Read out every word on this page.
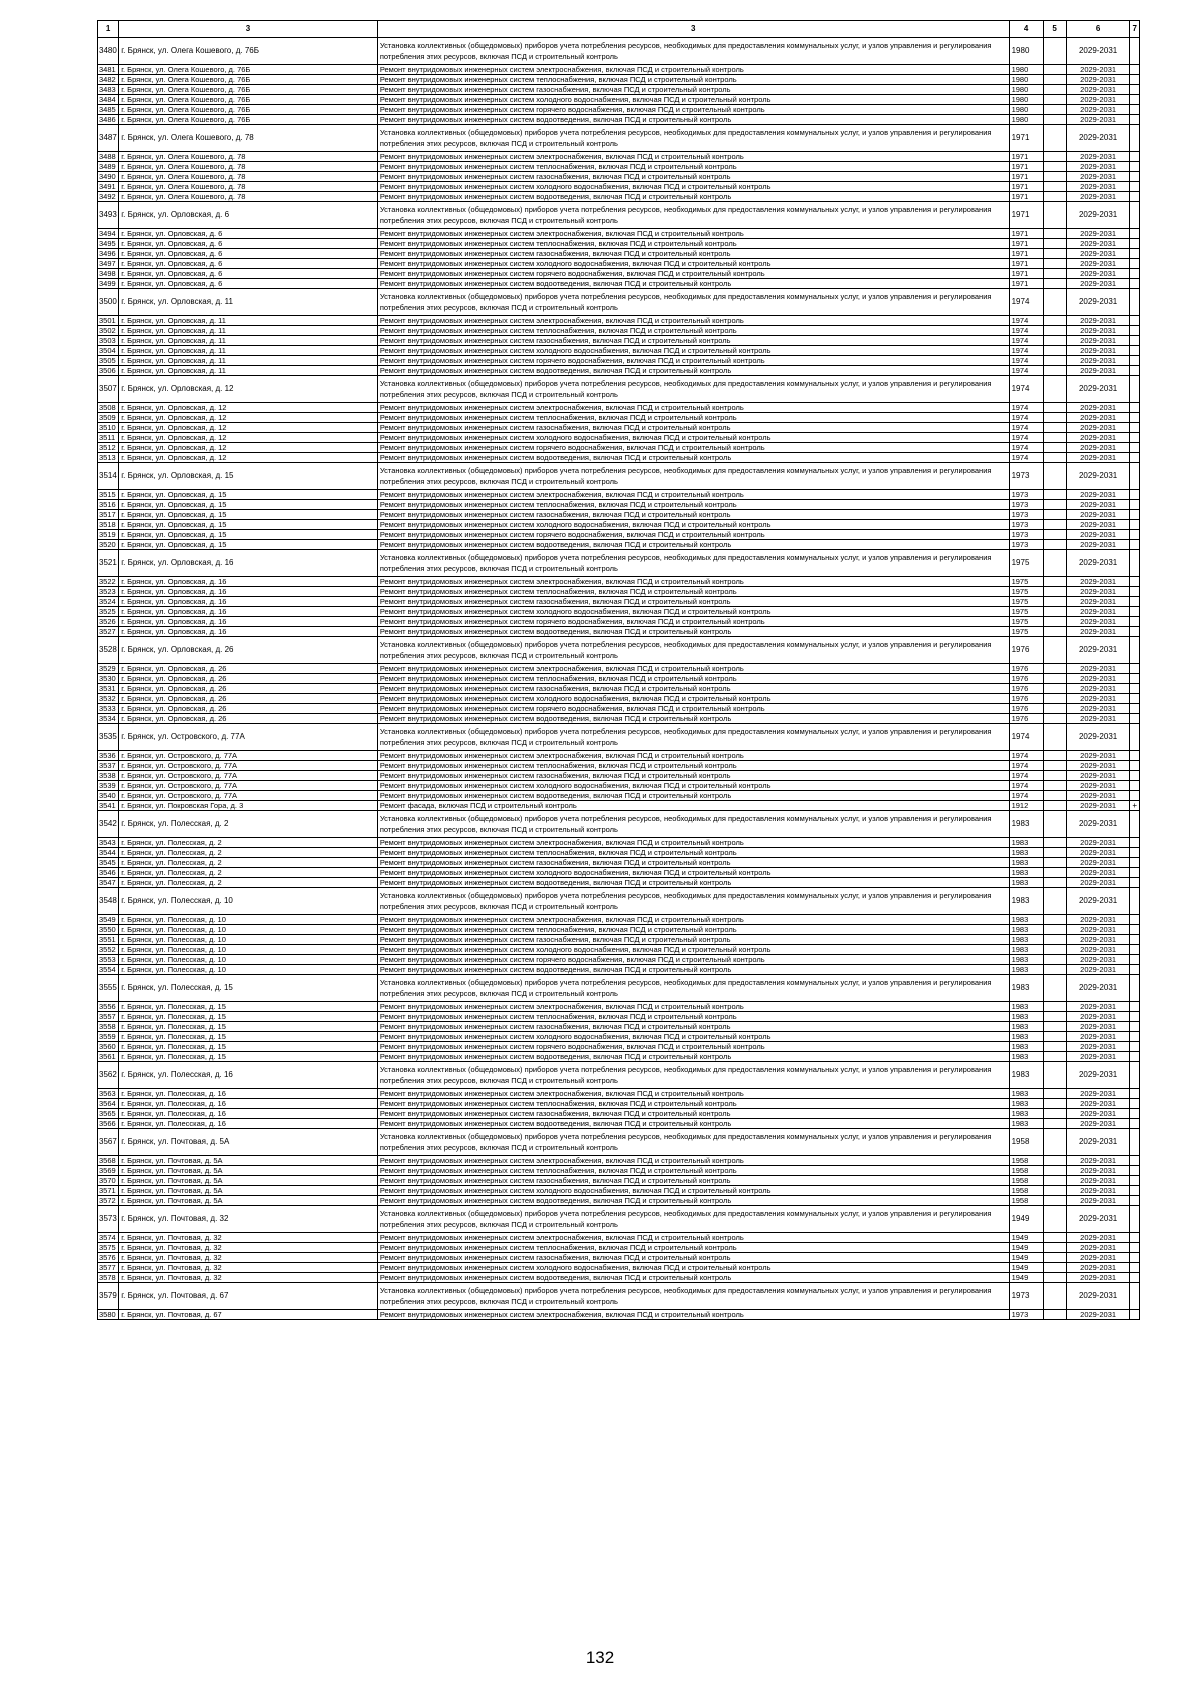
1	3	3	4	5	6	7
3480	г. Брянск, ул. Олега Кошевого, д. 76Б	Установка коллективных (общедомовых) приборов учета потребления ресурсов, необходимых для предоставления коммунальных услуг, и узлов управления и регулирования потребления этих ресурсов, включая ПСД и строительный контроль	1980		2029-2031	
3481	г. Брянск, ул. Олега Кошевого, д. 76Б	Ремонт внутридомовых инженерных систем электроснабжения, включая ПСД и строительный контроль	1980		2029-2031	
3482	г. Брянск, ул. Олега Кошевого, д. 76Б	Ремонт внутридомовых инженерных систем теплоснабжения, включая ПСД и строительный контроль	1980		2029-2031	
3483	г. Брянск, ул. Олега Кошевого, д. 76Б	Ремонт внутридомовых инженерных систем газоснабжения, включая ПСД и строительный контроль	1980		2029-2031	
3484	г. Брянск, ул. Олега Кошевого, д. 76Б	Ремонт внутридомовых инженерных систем холодного водоснабжения, включая ПСД и строительный контроль	1980		2029-2031	
3485	г. Брянск, ул. Олега Кошевого, д. 76Б	Ремонт внутридомовых инженерных систем горячего водоснабжения, включая ПСД и строительный контроль	1980		2029-2031	
3486	г. Брянск, ул. Олега Кошевого, д. 76Б	Ремонт внутридомовых инженерных систем водоотведения, включая ПСД и строительный контроль	1980		2029-2031	
3487	г. Брянск, ул. Олега Кошевого, д. 78	Установка коллективных (общедомовых) приборов учета потребления ресурсов, необходимых для предоставления коммунальных услуг, и узлов управления и регулирования потребления этих ресурсов, включая ПСД и строительный контроль	1971		2029-2031	
3488	г. Брянск, ул. Олега Кошевого, д. 78	Ремонт внутридомовых инженерных систем электроснабжения, включая ПСД и строительный контроль	1971		2029-2031	
3489	г. Брянск, ул. Олега Кошевого, д. 78	Ремонт внутридомовых инженерных систем теплоснабжения, включая ПСД и строительный контроль	1971		2029-2031	
3490	г. Брянск, ул. Олега Кошевого, д. 78	Ремонт внутридомовых инженерных систем газоснабжения, включая ПСД и строительный контроль	1971		2029-2031	
3491	г. Брянск, ул. Олега Кошевого, д. 78	Ремонт внутридомовых инженерных систем холодного водоснабжения, включая ПСД и строительный контроль	1971		2029-2031	
3492	г. Брянск, ул. Олега Кошевого, д. 78	Ремонт внутридомовых инженерных систем водоотведения, включая ПСД и строительный контроль	1971		2029-2031	
3493	г. Брянск, ул. Орловская, д. 6	Установка коллективных (общедомовых) приборов учета потребления ресурсов, необходимых для предоставления коммунальных услуг, и узлов управления и регулирования потребления этих ресурсов, включая ПСД и строительный контроль	1971		2029-2031	
3494	г. Брянск, ул. Орловская, д. 6	Ремонт внутридомовых инженерных систем электроснабжения, включая ПСД и строительный контроль	1971		2029-2031	
3495	г. Брянск, ул. Орловская, д. 6	Ремонт внутридомовых инженерных систем теплоснабжения, включая ПСД и строительный контроль	1971		2029-2031	
3496	г. Брянск, ул. Орловская, д. 6	Ремонт внутридомовых инженерных систем газоснабжения, включая ПСД и строительный контроль	1971		2029-2031	
3497	г. Брянск, ул. Орловская, д. 6	Ремонт внутридомовых инженерных систем холодного водоснабжения, включая ПСД и строительный контроль	1971		2029-2031	
3498	г. Брянск, ул. Орловская, д. 6	Ремонт внутридомовых инженерных систем горячего водоснабжения, включая ПСД и строительный контроль	1971		2029-2031	
3499	г. Брянск, ул. Орловская, д. 6	Ремонт внутридомовых инженерных систем водоотведения, включая ПСД и строительный контроль	1971		2029-2031	
3500	г. Брянск, ул. Орловская, д. 11	Установка коллективных (общедомовых) приборов учета потребления ресурсов, необходимых для предоставления коммунальных услуг, и узлов управления и регулирования потребления этих ресурсов, включая ПСД и строительный контроль	1974		2029-2031	
3501	г. Брянск, ул. Орловская, д. 11	Ремонт внутридомовых инженерных систем электроснабжения, включая ПСД и строительный контроль	1974		2029-2031	
3502	г. Брянск, ул. Орловская, д. 11	Ремонт внутридомовых инженерных систем теплоснабжения, включая ПСД и строительный контроль	1974		2029-2031	
3503	г. Брянск, ул. Орловская, д. 11	Ремонт внутридомовых инженерных систем газоснабжения, включая ПСД и строительный контроль	1974		2029-2031	
3504	г. Брянск, ул. Орловская, д. 11	Ремонт внутридомовых инженерных систем холодного водоснабжения, включая ПСД и строительный контроль	1974		2029-2031	
3505	г. Брянск, ул. Орловская, д. 11	Ремонт внутридомовых инженерных систем горячего водоснабжения, включая ПСД и строительный контроль	1974		2029-2031	
3506	г. Брянск, ул. Орловская, д. 11	Ремонт внутридомовых инженерных систем водоотведения, включая ПСД и строительный контроль	1974		2029-2031	
3507	г. Брянск, ул. Орловская, д. 12	Установка коллективных (общедомовых) приборов учета потребления ресурсов, необходимых для предоставления коммунальных услуг, и узлов управления и регулирования потребления этих ресурсов, включая ПСД и строительный контроль	1974		2029-2031	
3508	г. Брянск, ул. Орловская, д. 12	Ремонт внутридомовых инженерных систем электроснабжения, включая ПСД и строительный контроль	1974		2029-2031	
3509	г. Брянск, ул. Орловская, д. 12	Ремонт внутридомовых инженерных систем теплоснабжения, включая ПСД и строительный контроль	1974		2029-2031	
3510	г. Брянск, ул. Орловская, д. 12	Ремонт внутридомовых инженерных систем газоснабжения, включая ПСД и строительный контроль	1974		2029-2031	
3511	г. Брянск, ул. Орловская, д. 12	Ремонт внутридомовых инженерных систем холодного водоснабжения, включая ПСД и строительный контроль	1974		2029-2031	
3512	г. Брянск, ул. Орловская, д. 12	Ремонт внутридомовых инженерных систем горячего водоснабжения, включая ПСД и строительный контроль	1974		2029-2031	
3513	г. Брянск, ул. Орловская, д. 12	Ремонт внутридомовых инженерных систем водоотведения, включая ПСД и строительный контроль	1974		2029-2031	
3514	г. Брянск, ул. Орловская, д. 15	Установка коллективных (общедомовых) приборов учета потребления ресурсов, необходимых для предоставления коммунальных услуг, и узлов управления и регулирования потребления этих ресурсов, включая ПСД и строительный контроль	1973		2029-2031	
3515	г. Брянск, ул. Орловская, д. 15	Ремонт внутридомовых инженерных систем электроснабжения, включая ПСД и строительный контроль	1973		2029-2031	
3516	г. Брянск, ул. Орловская, д. 15	Ремонт внутридомовых инженерных систем теплоснабжения, включая ПСД и строительный контроль	1973		2029-2031	
3517	г. Брянск, ул. Орловская, д. 15	Ремонт внутридомовых инженерных систем газоснабжения, включая ПСД и строительный контроль	1973		2029-2031	
3518	г. Брянск, ул. Орловская, д. 15	Ремонт внутридомовых инженерных систем холодного водоснабжения, включая ПСД и строительный контроль	1973		2029-2031	
3519	г. Брянск, ул. Орловская, д. 15	Ремонт внутридомовых инженерных систем горячего водоснабжения, включая ПСД и строительный контроль	1973		2029-2031	
3520	г. Брянск, ул. Орловская, д. 15	Ремонт внутридомовых инженерных систем водоотведения, включая ПСД и строительный контроль	1973		2029-2031	
3521	г. Брянск, ул. Орловская, д. 16	Установка коллективных (общедомовых) приборов учета потребления ресурсов, необходимых для предоставления коммунальных услуг, и узлов управления и регулирования потребления этих ресурсов, включая ПСД и строительный контроль	1975		2029-2031	
3522	г. Брянск, ул. Орловская, д. 16	Ремонт внутридомовых инженерных систем электроснабжения, включая ПСД и строительный контроль	1975		2029-2031	
3523	г. Брянск, ул. Орловская, д. 16	Ремонт внутридомовых инженерных систем теплоснабжения, включая ПСД и строительный контроль	1975		2029-2031	
3524	г. Брянск, ул. Орловская, д. 16	Ремонт внутридомовых инженерных систем газоснабжения, включая ПСД и строительный контроль	1975		2029-2031	
3525	г. Брянск, ул. Орловская, д. 16	Ремонт внутридомовых инженерных систем холодного водоснабжения, включая ПСД и строительный контроль	1975		2029-2031	
3526	г. Брянск, ул. Орловская, д. 16	Ремонт внутридомовых инженерных систем горячего водоснабжения, включая ПСД и строительный контроль	1975		2029-2031	
3527	г. Брянск, ул. Орловская, д. 16	Ремонт внутридомовых инженерных систем водоотведения, включая ПСД и строительный контроль	1975		2029-2031	
3528	г. Брянск, ул. Орловская, д. 26	Установка коллективных (общедомовых) приборов учета потребления ресурсов, необходимых для предоставления коммунальных услуг, и узлов управления и регулирования потребления этих ресурсов, включая ПСД и строительный контроль	1976		2029-2031	
3529	г. Брянск, ул. Орловская, д. 26	Ремонт внутридомовых инженерных систем электроснабжения, включая ПСД и строительный контроль	1976		2029-2031	
3530	г. Брянск, ул. Орловская, д. 26	Ремонт внутридомовых инженерных систем теплоснабжения, включая ПСД и строительный контроль	1976		2029-2031	
3531	г. Брянск, ул. Орловская, д. 26	Ремонт внутридомовых инженерных систем газоснабжения, включая ПСД и строительный контроль	1976		2029-2031	
3532	г. Брянск, ул. Орловская, д. 26	Ремонт внутридомовых инженерных систем холодного водоснабжения, включая ПСД и строительный контроль	1976		2029-2031	
3533	г. Брянск, ул. Орловская, д. 26	Ремонт внутридомовых инженерных систем горячего водоснабжения, включая ПСД и строительный контроль	1976		2029-2031	
3534	г. Брянск, ул. Орловская, д. 26	Ремонт внутридомовых инженерных систем водоотведения, включая ПСД и строительный контроль	1976		2029-2031	
3535	г. Брянск, ул. Островского, д. 77А	Установка коллективных (общедомовых) приборов учета потребления ресурсов, необходимых для предоставления коммунальных услуг, и узлов управления и регулирования потребления этих ресурсов, включая ПСД и строительный контроль	1974		2029-2031	
3536	г. Брянск, ул. Островского, д. 77А	Ремонт внутридомовых инженерных систем электроснабжения, включая ПСД и строительный контроль	1974		2029-2031	
3537	г. Брянск, ул. Островского, д. 77А	Ремонт внутридомовых инженерных систем теплоснабжения, включая ПСД и строительный контроль	1974		2029-2031	
3538	г. Брянск, ул. Островского, д. 77А	Ремонт внутридомовых инженерных систем газоснабжения, включая ПСД и строительный контроль	1974		2029-2031	
3539	г. Брянск, ул. Островского, д. 77А	Ремонт внутридомовых инженерных систем холодного водоснабжения, включая ПСД и строительный контроль	1974		2029-2031	
3540	г. Брянск, ул. Островского, д. 77А	Ремонт внутридомовых инженерных систем водоотведения, включая ПСД и строительный контроль	1974		2029-2031	
3541	г. Брянск, ул. Покровская Гора, д. 3	Ремонт фасада, включая ПСД и строительный контроль	1912		2029-2031	+
3542	г. Брянск, ул. Полесская, д. 2	Установка коллективных (общедомовых) приборов учета потребления ресурсов, необходимых для предоставления коммунальных услуг, и узлов управления и регулирования потребления этих ресурсов, включая ПСД и строительный контроль	1983		2029-2031	
3543	г. Брянск, ул. Полесская, д. 2	Ремонт внутридомовых инженерных систем электроснабжения, включая ПСД и строительный контроль	1983		2029-2031	
3544	г. Брянск, ул. Полесская, д. 2	Ремонт внутридомовых инженерных систем теплоснабжения, включая ПСД и строительный контроль	1983		2029-2031	
3545	г. Брянск, ул. Полесская, д. 2	Ремонт внутридомовых инженерных систем газоснабжения, включая ПСД и строительный контроль	1983		2029-2031	
3546	г. Брянск, ул. Полесская, д. 2	Ремонт внутридомовых инженерных систем холодного водоснабжения, включая ПСД и строительный контроль	1983		2029-2031	
3547	г. Брянск, ул. Полесская, д. 2	Ремонт внутридомовых инженерных систем водоотведения, включая ПСД и строительный контроль	1983		2029-2031	
3548	г. Брянск, ул. Полесская, д. 10	Установка коллективных (общедомовых) приборов учета потребления ресурсов, необходимых для предоставления коммунальных услуг, и узлов управления и регулирования потребления этих ресурсов, включая ПСД и строительный контроль	1983		2029-2031	
3549	г. Брянск, ул. Полесская, д. 10	Ремонт внутридомовых инженерных систем электроснабжения, включая ПСД и строительный контроль	1983		2029-2031	
3550	г. Брянск, ул. Полесская, д. 10	Ремонт внутридомовых инженерных систем теплоснабжения, включая ПСД и строительный контроль	1983		2029-2031	
3551	г. Брянск, ул. Полесская, д. 10	Ремонт внутридомовых инженерных систем газоснабжения, включая ПСД и строительный контроль	1983		2029-2031	
3552	г. Брянск, ул. Полесская, д. 10	Ремонт внутридомовых инженерных систем холодного водоснабжения, включая ПСД и строительный контроль	1983		2029-2031	
3553	г. Брянск, ул. Полесская, д. 10	Ремонт внутридомовых инженерных систем горячего водоснабжения, включая ПСД и строительный контроль	1983		2029-2031	
3554	г. Брянск, ул. Полесская, д. 10	Ремонт внутридомовых инженерных систем водоотведения, включая ПСД и строительный контроль	1983		2029-2031	
3555	г. Брянск, ул. Полесская, д. 15	Установка коллективных (общедомовых) приборов учета потребления ресурсов, необходимых для предоставления коммунальных услуг, и узлов управления и регулирования потребления этих ресурсов, включая ПСД и строительный контроль	1983		2029-2031	
3556	г. Брянск, ул. Полесская, д. 15	Ремонт внутридомовых инженерных систем электроснабжения, включая ПСД и строительный контроль	1983		2029-2031	
3557	г. Брянск, ул. Полесская, д. 15	Ремонт внутридомовых инженерных систем теплоснабжения, включая ПСД и строительный контроль	1983		2029-2031	
3558	г. Брянск, ул. Полесская, д. 15	Ремонт внутридомовых инженерных систем газоснабжения, включая ПСД и строительный контроль	1983		2029-2031	
3559	г. Брянск, ул. Полесская, д. 15	Ремонт внутридомовых инженерных систем холодного водоснабжения, включая ПСД и строительный контроль	1983		2029-2031	
3560	г. Брянск, ул. Полесская, д. 15	Ремонт внутридомовых инженерных систем горячего водоснабжения, включая ПСД и строительный контроль	1983		2029-2031	
3561	г. Брянск, ул. Полесская, д. 15	Ремонт внутридомовых инженерных систем водоотведения, включая ПСД и строительный контроль	1983		2029-2031	
3562	г. Брянск, ул. Полесская, д. 16	Установка коллективных (общедомовых) приборов учета потребления ресурсов, необходимых для предоставления коммунальных услуг, и узлов управления и регулирования потребления этих ресурсов, включая ПСД и строительный контроль	1983		2029-2031	
3563	г. Брянск, ул. Полесская, д. 16	Ремонт внутридомовых инженерных систем электроснабжения, включая ПСД и строительный контроль	1983		2029-2031	
3564	г. Брянск, ул. Полесская, д. 16	Ремонт внутридомовых инженерных систем теплоснабжения, включая ПСД и строительный контроль	1983		2029-2031	
3565	г. Брянск, ул. Полесская, д. 16	Ремонт внутридомовых инженерных систем газоснабжения, включая ПСД и строительный контроль	1983		2029-2031	
3566	г. Брянск, ул. Полесская, д. 16	Ремонт внутридомовых инженерных систем водоотведения, включая ПСД и строительный контроль	1983		2029-2031	
3567	г. Брянск, ул. Почтовая, д. 5А	Установка коллективных (общедомовых) приборов учета потребления ресурсов, необходимых для предоставления коммунальных услуг, и узлов управления и регулирования потребления этих ресурсов, включая ПСД и строительный контроль	1958		2029-2031	
3568	г. Брянск, ул. Почтовая, д. 5А	Ремонт внутридомовых инженерных систем электроснабжения, включая ПСД и строительный контроль	1958		2029-2031	
3569	г. Брянск, ул. Почтовая, д. 5А	Ремонт внутридомовых инженерных систем теплоснабжения, включая ПСД и строительный контроль	1958		2029-2031	
3570	г. Брянск, ул. Почтовая, д. 5А	Ремонт внутридомовых инженерных систем газоснабжения, включая ПСД и строительный контроль	1958		2029-2031	
3571	г. Брянск, ул. Почтовая, д. 5А	Ремонт внутридомовых инженерных систем холодного водоснабжения, включая ПСД и строительный контроль	1958		2029-2031	
3572	г. Брянск, ул. Почтовая, д. 5А	Ремонт внутридомовых инженерных систем водоотведения, включая ПСД и строительный контроль	1958		2029-2031	
3573	г. Брянск, ул. Почтовая, д. 32	Установка коллективных (общедомовых) приборов учета потребления ресурсов, необходимых для предоставления коммунальных услуг, и узлов управления и регулирования потребления этих ресурсов, включая ПСД и строительный контроль	1949		2029-2031	
3574	г. Брянск, ул. Почтовая, д. 32	Ремонт внутридомовых инженерных систем электроснабжения, включая ПСД и строительный контроль	1949		2029-2031	
3575	г. Брянск, ул. Почтовая, д. 32	Ремонт внутридомовых инженерных систем теплоснабжения, включая ПСД и строительный контроль	1949		2029-2031	
3576	г. Брянск, ул. Почтовая, д. 32	Ремонт внутридомовых инженерных систем газоснабжения, включая ПСД и строительный контроль	1949		2029-2031	
3577	г. Брянск, ул. Почтовая, д. 32	Ремонт внутридомовых инженерных систем холодного водоснабжения, включая ПСД и строительный контроль	1949		2029-2031	
3578	г. Брянск, ул. Почтовая, д. 32	Ремонт внутридомовых инженерных систем водоотведения, включая ПСД и строительный контроль	1949		2029-2031	
3579	г. Брянск, ул. Почтовая, д. 67	Установка коллективных (общедомовых) приборов учета потребления ресурсов, необходимых для предоставления коммунальных услуг, и узлов управления и регулирования потребления этих ресурсов, включая ПСД и строительный контроль	1973		2029-2031	
3580	г. Брянск, ул. Почтовая, д. 67	Ремонт внутридомовых инженерных систем электроснабжения, включая ПСД и строительный контроль	1973		2029-2031	
132
